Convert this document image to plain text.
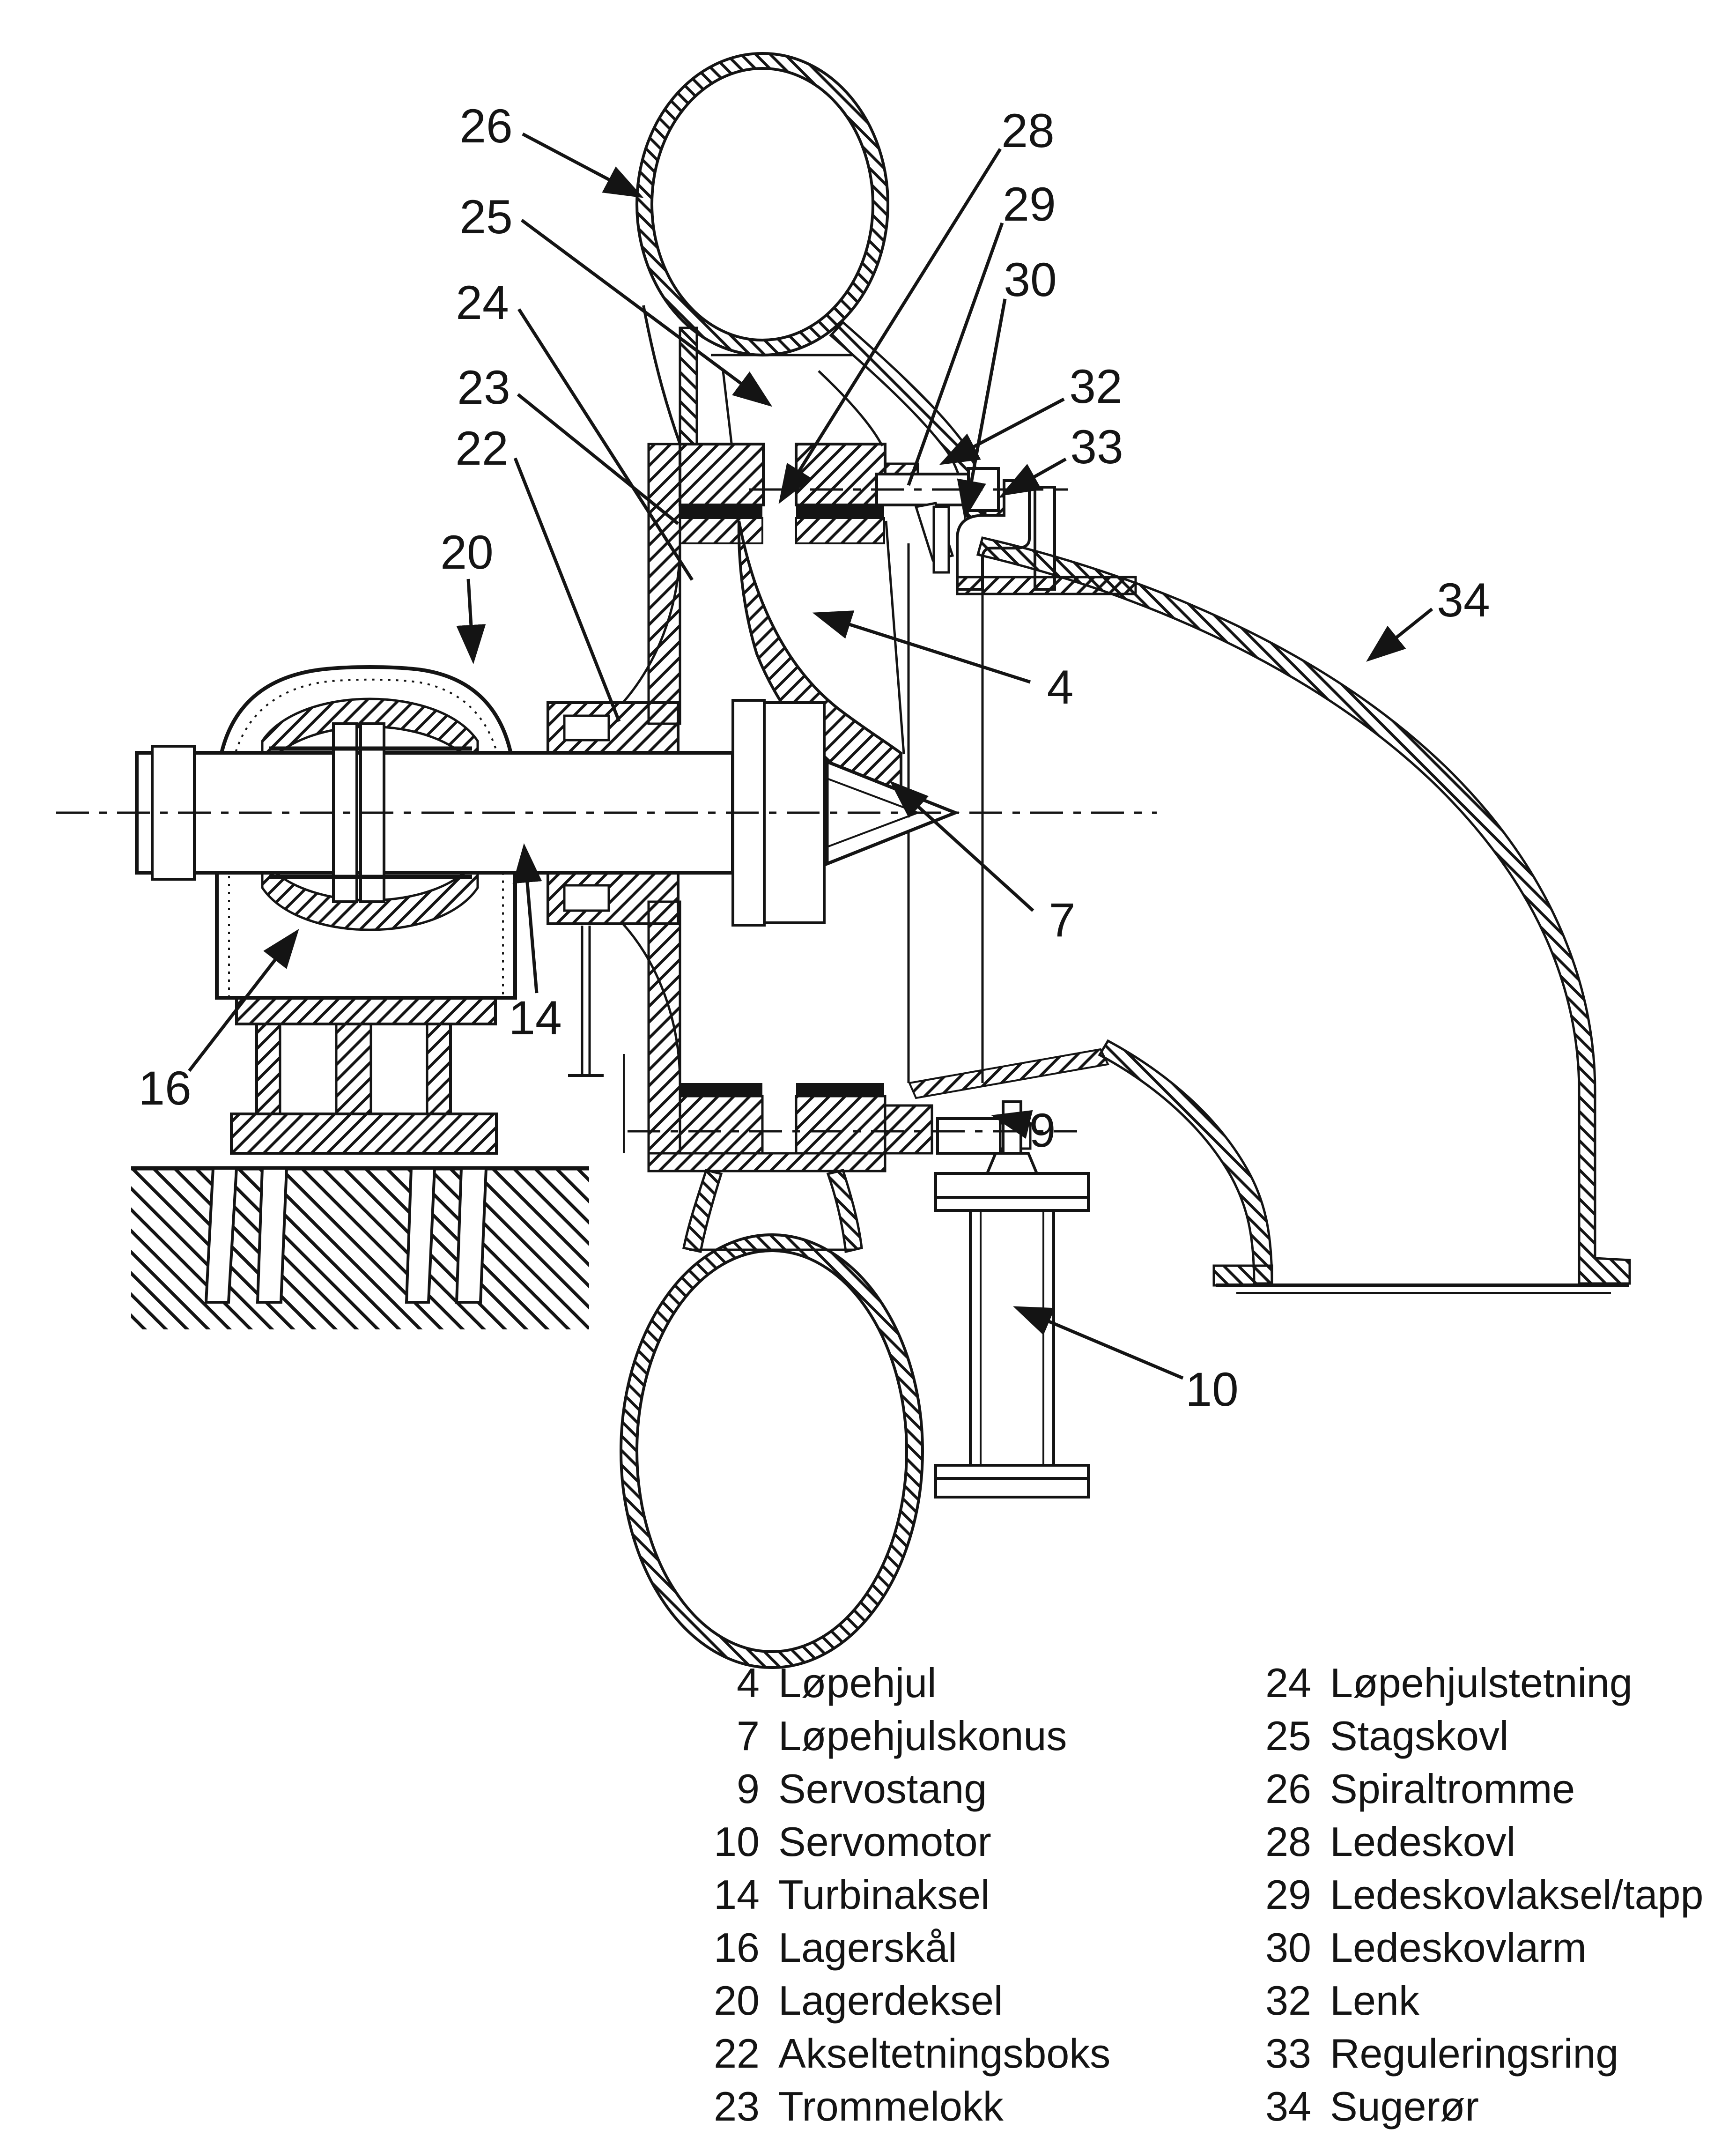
26
25
24
23
22
20
16
14
28
29
30
32
33
34
4
7
9
10
4 Løpehjul
7 Løpehjulskonus
9 Servostang
10 Servomotor
14 Turbinaksel
16 Lagerskål
20 Lagerdeksel
22 Akseltetningsboks
23 Trommelokk
24 Løpehjulstetning
25 Stagskovl
26 Spiraltromme
28 Ledeskovl
29 Ledeskovlaksel/tapp
30 Ledeskovlarm
32 Lenk
33 Reguleringsring
34 Sugerør
